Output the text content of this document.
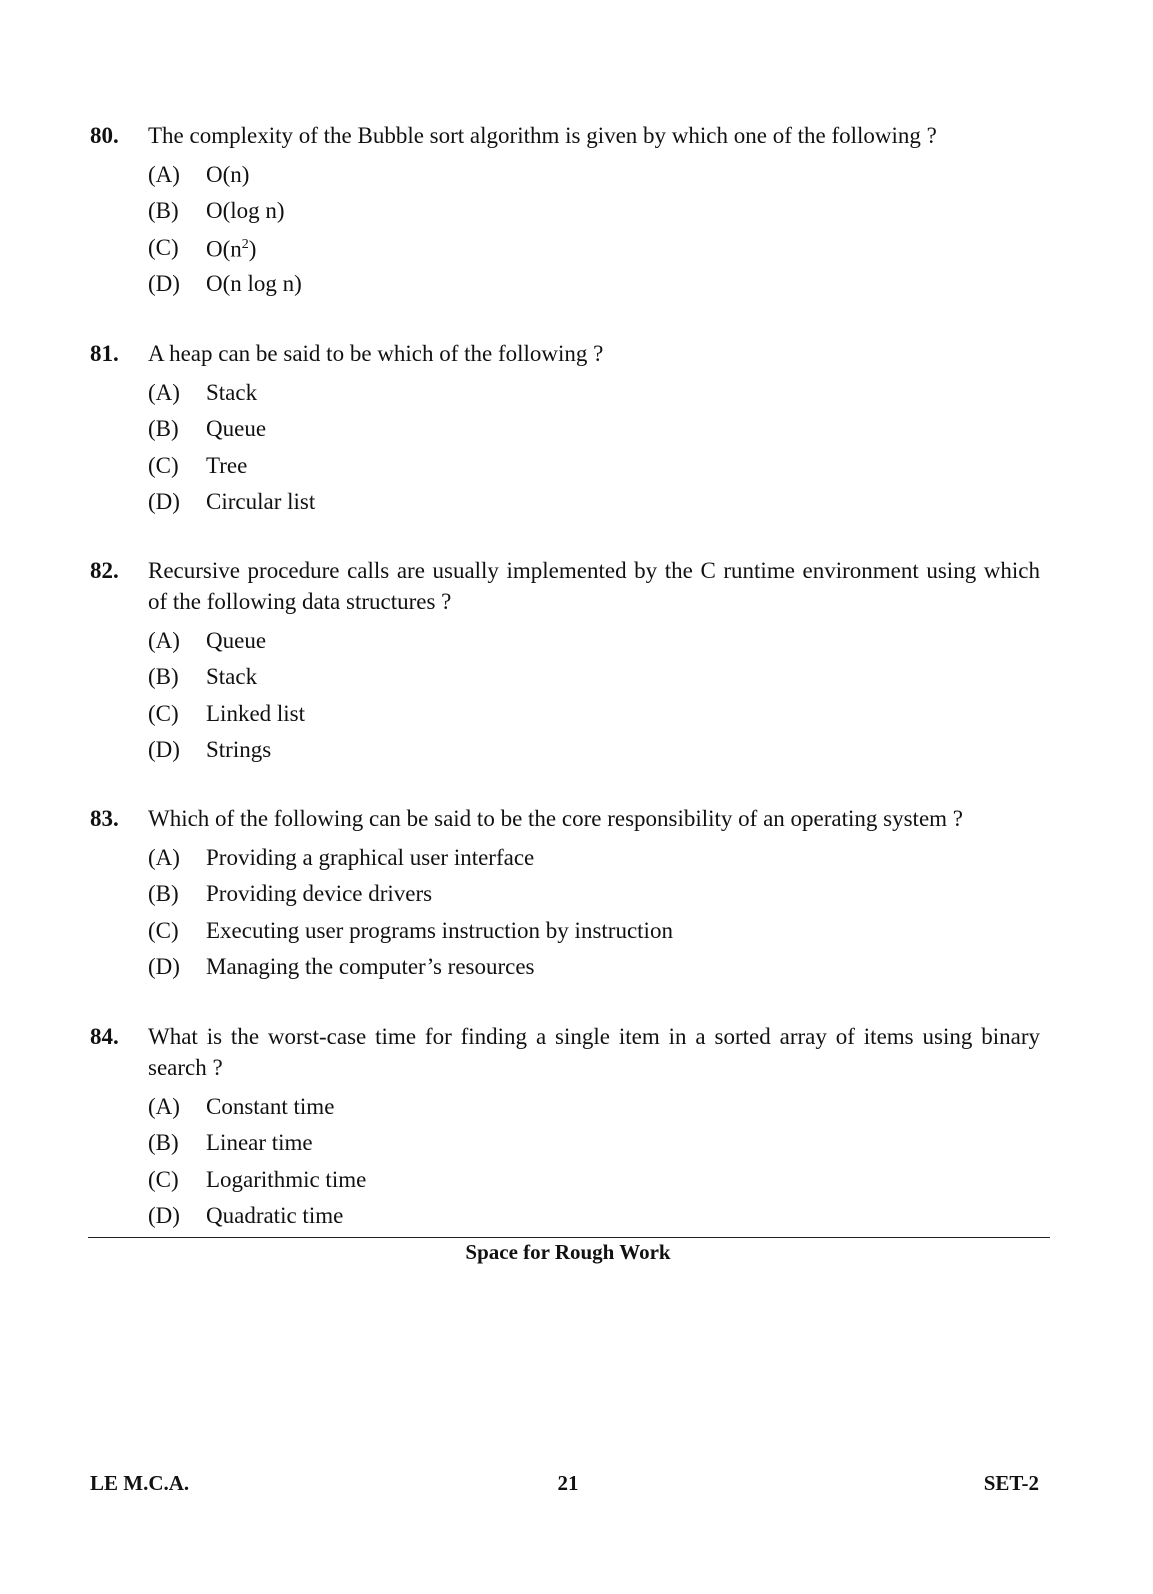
80.	The complexity of the Bubble sort algorithm is given by which one of the following ?
(A)	O(n)
(B)	O(log n)
(C)	$O(n^2)$
(D)	O(n log n)
81.	A heap can be said to be which of the following ?
(A)	Stack
(B)	Queue
(C)	Tree
(D)	Circular list
82.	Recursive procedure calls are usually implemented by the C runtime environment using which of the following data structures ?
(A)	Queue
(B)	Stack
(C)	Linked list
(D)	Strings
83.	Which of the following can be said to be the core responsibility of an operating system ?
(A)	Providing a graphical user interface
(B)	Providing device drivers
(C)	Executing user programs instruction by instruction
(D)	Managing the computer’s resources
84.	What is the worst-case time for finding a single item in a sorted array of items using binary search ?
(A)	Constant time
(B)	Linear time
(C)	Logarithmic time
(D)	Quadratic time
Space for Rough Work
LE M.C.A.	21	SET-2
